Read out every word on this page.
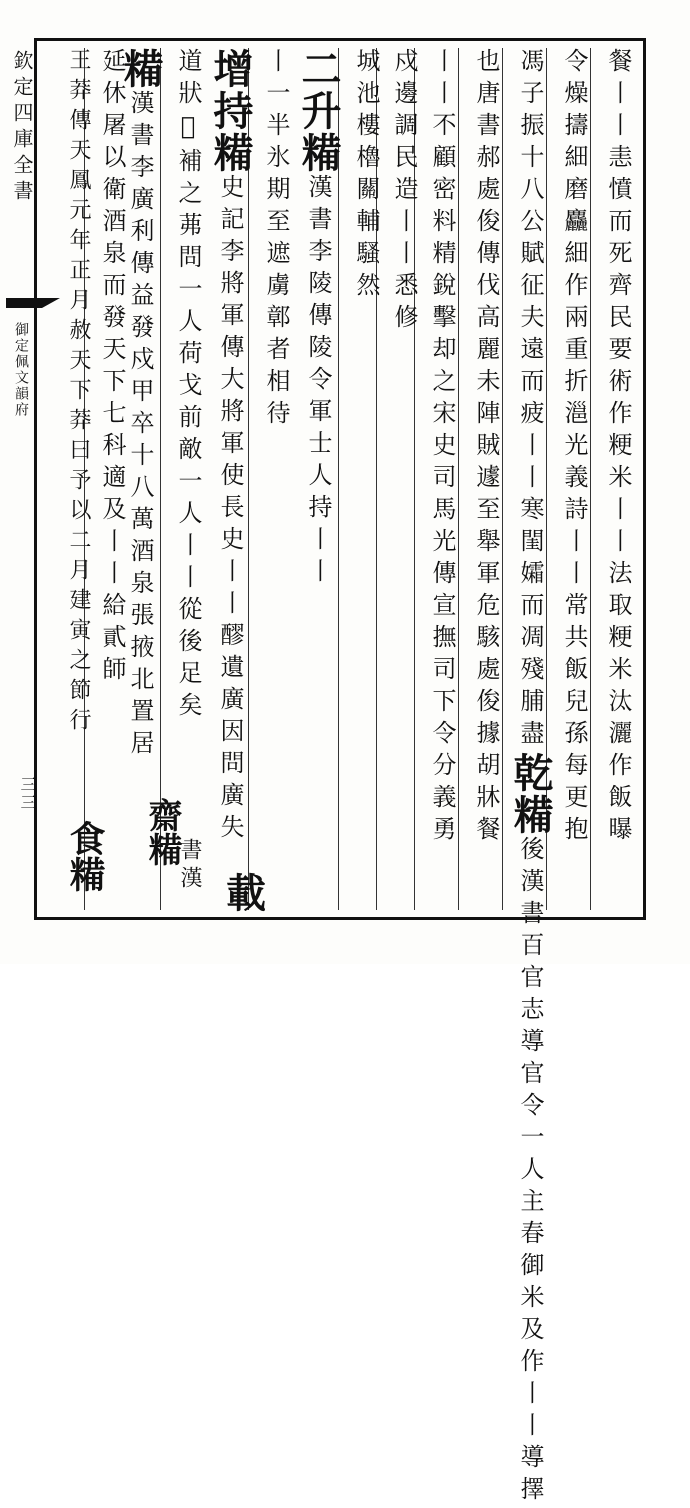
欽定四庫全書
御定佩文韻府
三三	餐丨丨恚憤而死齊民要術作粳米丨丨法取粳米汰灑作飯曝
令燥擣細磨麤細作兩重折㴩光義詩丨丨常共飯兒孫每更抱
馮子振十八公賦征夫遠而疲丨丨寒閨孀而凋殘脯盡乾糒後漢書百官志導官令一人主春御米及作丨丨導擇
也唐書郝處俊傳伐高麗未陣賊遽至舉軍危駭處俊據胡牀餐
丨丨不顧密料精銳擊却之宋史司馬光傳宣撫司下令分義勇
戍邊調民造丨丨悉修
城池樓櫓關輔騷然
二升糒漢書李陵傳陵令軍士人持丨丨
丨一半氷期至遮虜鄣者相待
增持糒史記李將軍傳大將軍使長史丨丨醪遺廣因問廣失
道狀𥠑補之茀問一人荷戈前敵一人丨丨從後足矣
糒漢書李廣利傳益發戍甲卒十八萬酒泉張掖北置居
延休屠以衛酒泉而發天下七科適及丨丨給貳師
王莽傳天鳳元年正月赦天下莽曰予以二月建寅之節行
載
齋糒
書漢
食糒
